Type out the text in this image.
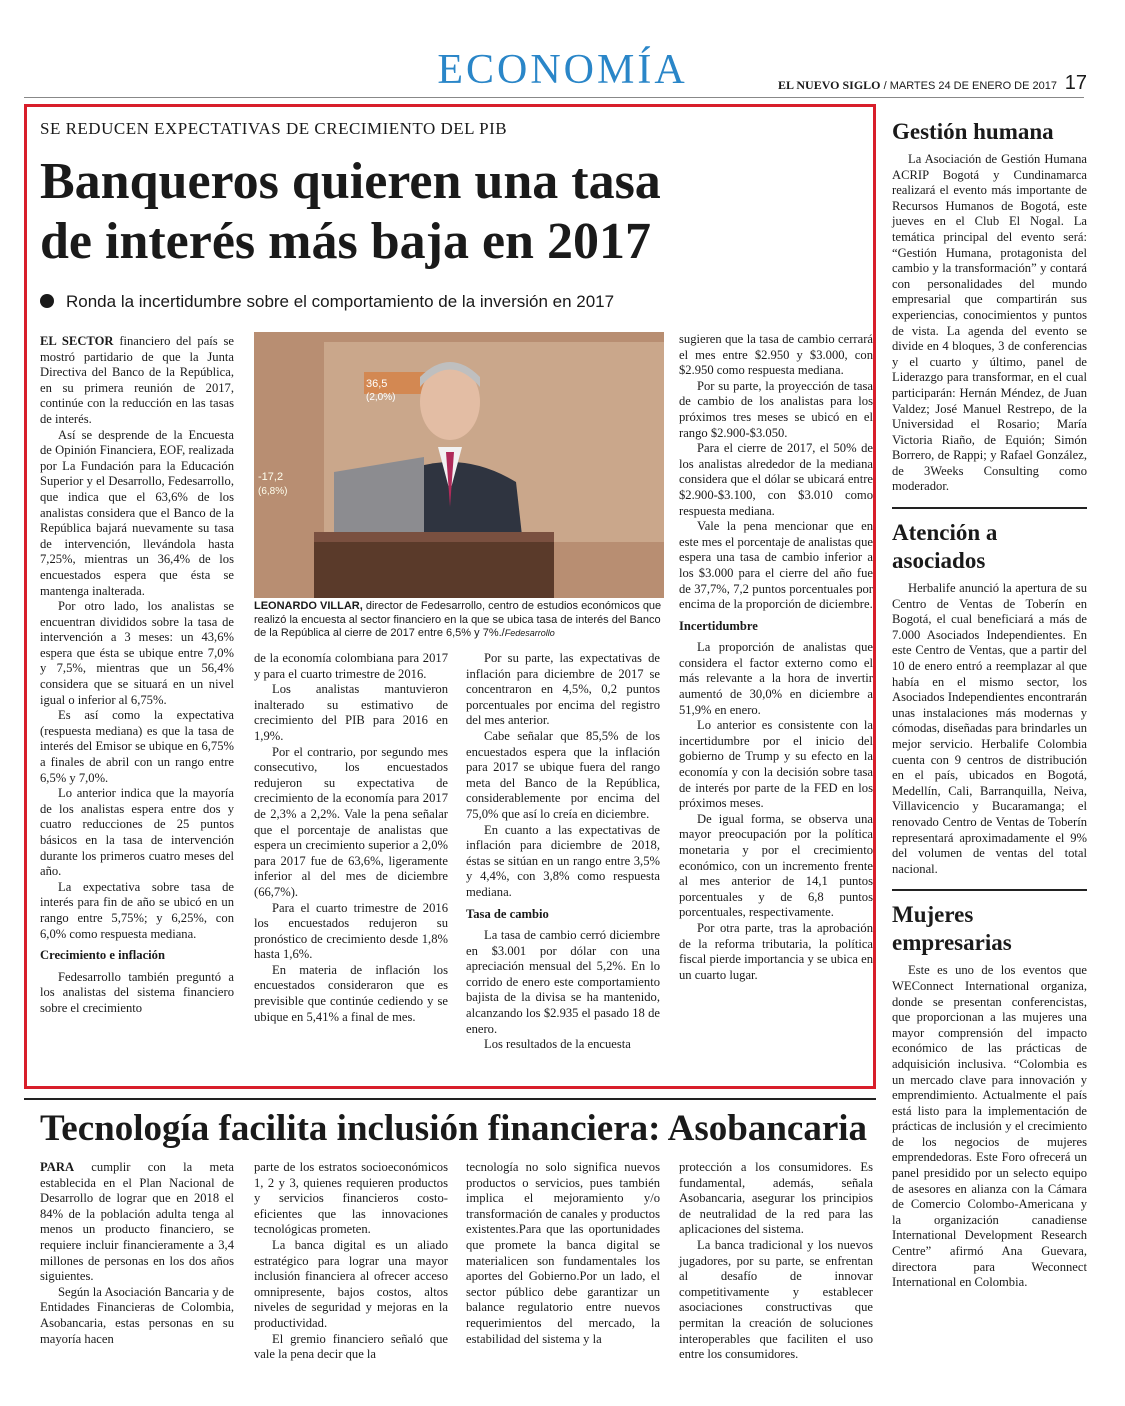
ECONOMÍA	EL NUEVO SIGLO / MARTES 24 DE ENERO DE 2017 17
SE REDUCEN EXPECTATIVAS DE CRECIMIENTO DEL PIB
Banqueros quieren una tasa
de interés más baja en 2017
Ronda la incertidumbre sobre el comportamiento de la inversión en 2017

EL SECTOR financiero del país se mostró partidario de que la Junta Directiva del Banco de la República, en su primera reunión de 2017, continúe con la reducción en las tasas de interés.

Así se desprende de la Encuesta de Opinión Financiera, EOF, realizada por La Fundación para la Educación Superior y el Desarrollo, Fedesarrollo, que indica que el 63,6% de los analistas considera que el Banco de la República bajará nuevamente su tasa de intervención, llevándola hasta 7,25%, mientras un 36,4% de los encuestados espera que ésta se mantenga inalterada.

Por otro lado, los analistas se encuentran divididos sobre la tasa de intervención a 3 meses: un 43,6% espera que ésta se ubique entre 7,0% y 7,5%, mientras que un 56,4% considera que se situará en un nivel igual o inferior al 6,75%.

Es así como la expectativa (respuesta mediana) es que la tasa de interés del Emisor se ubique en 6,75% a finales de abril con un rango entre 6,5% y 7,0%.

Lo anterior indica que la mayoría de los analistas espera entre dos y cuatro reducciones de 25 puntos básicos en la tasa de intervención durante los primeros cuatro meses del año.

La expectativa sobre tasa de interés para fin de año se ubicó en un rango entre 5,75%; y 6,25%, con 6,0% como respuesta mediana.

Crecimiento e inflación

Fedesarrollo también preguntó a los analistas del sistema financiero sobre el crecimiento

36,5
(2,0%)
-17,2
(6,8%)
LEONARDO VILLAR, director de Fedesarrollo, centro de estudios económicos que realizó la encuesta al sector financiero en la que se ubica tasa de interés del Banco de la República al cierre de 2017 entre 6,5% y 7%./Fedesarrollo

de la economía colombiana para 2017 y para el cuarto trimestre de 2016.

Los analistas mantuvieron inalterado su estimativo de crecimiento del PIB para 2016 en 1,9%.

Por el contrario, por segundo mes consecutivo, los encuestados redujeron su expectativa de crecimiento de la economía para 2017 de 2,3% a 2,2%. Vale la pena señalar que el porcentaje de analistas que espera un crecimiento superior a 2,0% para 2017 fue de 63,6%, ligeramente inferior al del mes de diciembre (66,7%).

Para el cuarto trimestre de 2016 los encuestados redujeron su pronóstico de crecimiento desde 1,8% hasta 1,6%.

En materia de inflación los encuestados consideraron que es previsible que continúe cediendo y se ubique en 5,41% a final de mes.

Por su parte, las expectativas de inflación para diciembre de 2017 se concentraron en 4,5%, 0,2 puntos porcentuales por encima del registro del mes anterior.

Cabe señalar que 85,5% de los encuestados espera que la inflación para 2017 se ubique fuera del rango meta del Banco de la República, considerablemente por encima del 75,0% que así lo creía en diciembre.

En cuanto a las expectativas de inflación para diciembre de 2018, éstas se sitúan en un rango entre 3,5% y 4,4%, con 3,8% como respuesta mediana.

Tasa de cambio

La tasa de cambio cerró diciembre en $3.001 por dólar con una apreciación mensual del 5,2%. En lo corrido de enero este comportamiento bajista de la divisa se ha mantenido, alcanzando los $2.935 el pasado 18 de enero.

Los resultados de la encuesta

sugieren que la tasa de cambio cerrará el mes entre $2.950 y $3.000, con $2.950 como respuesta mediana.

Por su parte, la proyección de tasa de cambio de los analistas para los próximos tres meses se ubicó en el rango $2.900-$3.050.

Para el cierre de 2017, el 50% de los analistas alrededor de la mediana considera que el dólar se ubicará entre $2.900-$3.100, con $3.010 como respuesta mediana.

Vale la pena mencionar que en este mes el porcentaje de analistas que espera una tasa de cambio inferior a los $3.000 para el cierre del año fue de 37,7%, 7,2 puntos porcentuales por encima de la proporción de diciembre.

Incertidumbre

La proporción de analistas que considera el factor externo como el más relevante a la hora de invertir aumentó de 30,0% en diciembre a 51,9% en enero.

Lo anterior es consistente con la incertidumbre por el inicio del gobierno de Trump y su efecto en la economía y con la decisión sobre tasa de interés por parte de la FED en los próximos meses.

De igual forma, se observa una mayor preocupación por la política monetaria y por el crecimiento económico, con un incremento frente al mes anterior de 14,1 puntos porcentuales y de 6,8 puntos porcentuales, respectivamente.

Por otra parte, tras la aprobación de la reforma tributaria, la política fiscal pierde importancia y se ubica en un cuarto lugar.

Gestión humana

La Asociación de Gestión Humana ACRIP Bogotá y Cundinamarca realizará el evento más importante de Recursos Humanos de Bogotá, este jueves en el Club El Nogal. La temática principal del evento será: “Gestión Humana, protagonista del cambio y la transformación” y contará con personalidades del mundo empresarial que compartirán sus experiencias, conocimientos y puntos de vista. La agenda del evento se divide en 4 bloques, 3 de conferencias y el cuarto y último, panel de Liderazgo para transformar, en el cual participarán: Hernán Méndez, de Juan Valdez; José Manuel Restrepo, de la Universidad el Rosario; María Victoria Riaño, de Equión; Simón Borrero, de Rappi; y Rafael González, de 3Weeks Consulting como moderador.

Atención a
asociados

Herbalife anunció la apertura de su Centro de Ventas de Toberín en Bogotá, el cual beneficiará a más de 7.000 Asociados Independientes. En este Centro de Ventas, que a partir del 10 de enero entró a reemplazar al que había en el mismo sector, los Asociados Independientes encontrarán unas instalaciones más modernas y cómodas, diseñadas para brindarles un mejor servicio. Herbalife Colombia cuenta con 9 centros de distribución en el país, ubicados en Bogotá, Medellín, Cali, Barranquilla, Neiva, Villavicencio y Bucaramanga; el renovado Centro de Ventas de Toberín representará aproximadamente el 9% del volumen de ventas del total nacional.

Mujeres
empresarias

Este es uno de los eventos que WEConnect International organiza, donde se presentan conferencistas, que proporcionan a las mujeres una mayor comprensión del impacto económico de las prácticas de adquisición inclusiva. “Colombia es un mercado clave para innovación y emprendimiento. Actualmente el país está listo para la implementación de prácticas de inclusión y el crecimiento de los negocios de mujeres emprendedoras. Este Foro ofrecerá un panel presidido por un selecto equipo de asesores en alianza con la Cámara de Comercio Colombo-Americana y la organización canadiense International Development Research Centre” afirmó Ana Guevara, directora para Weconnect International en Colombia.

Tecnología facilita inclusión financiera: Asobancaria

PARA cumplir con la meta establecida en el Plan Nacional de Desarrollo de lograr que en 2018 el 84% de la población adulta tenga al menos un producto financiero, se requiere incluir financieramente a 3,4 millones de personas en los dos años siguientes.

Según la Asociación Bancaria y de Entidades Financieras de Colombia, Asobancaria, estas personas en su mayoría hacen

parte de los estratos socioeconómicos 1, 2 y 3, quienes requieren productos y servicios financieros costo-eficientes que las innovaciones tecnológicas prometen.

La banca digital es un aliado estratégico para lograr una mayor inclusión financiera al ofrecer acceso omnipresente, bajos costos, altos niveles de seguridad y mejoras en la productividad.

El gremio financiero señaló que vale la pena decir que la

tecnología no solo significa nuevos productos o servicios, pues también implica el mejoramiento y/o transformación de canales y productos existentes.Para que las oportunidades que promete la banca digital se materialicen son fundamentales los aportes del Gobierno.Por un lado, el sector público debe garantizar un balance regulatorio entre nuevos requerimientos del mercado, la estabilidad del sistema y la

protección a los consumidores. Es fundamental, además, señala Asobancaria, asegurar los principios de neutralidad de la red para las aplicaciones del sistema.

La banca tradicional y los nuevos jugadores, por su parte, se enfrentan al desafío de innovar competitivamente y establecer asociaciones constructivas que permitan la creación de soluciones interoperables que faciliten el uso entre los consumidores.
